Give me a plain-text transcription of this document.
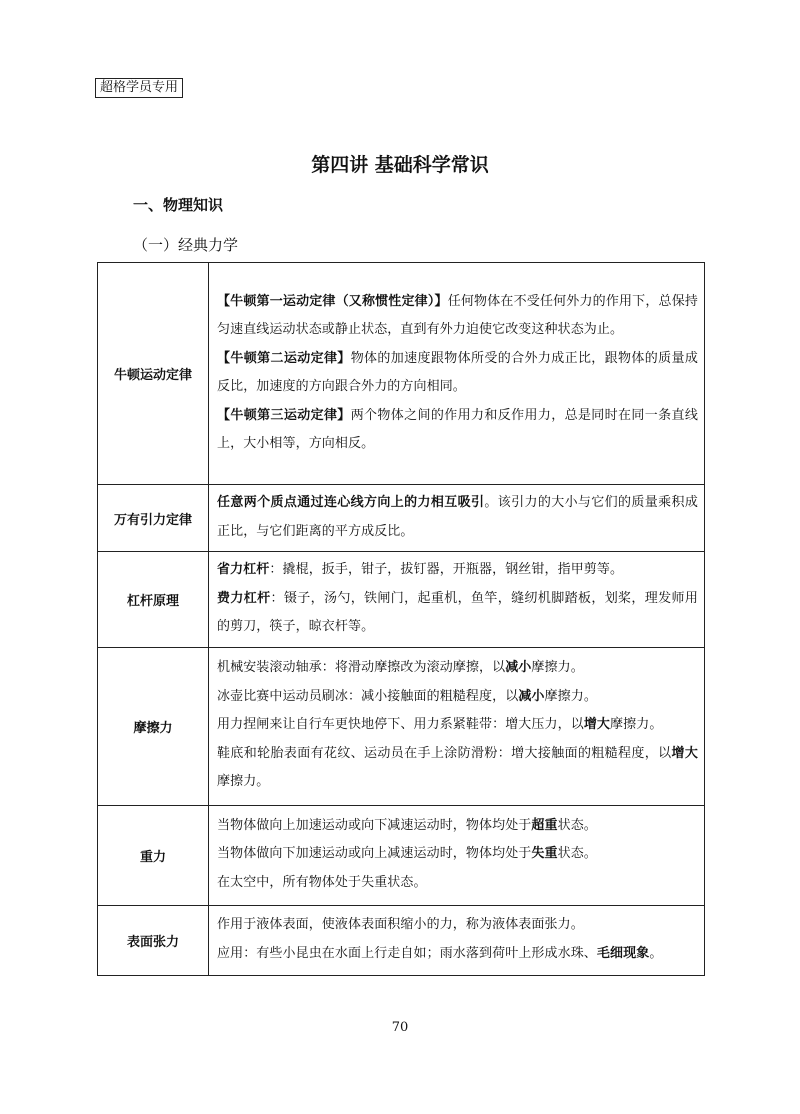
超格学员专用
第四讲 基础科学常识
一、物理知识
（一）经典力学
牛顿运动定律	【牛顿第一运动定律（又称惯性定律）】任何物体在不受任何外力的作用下，总保持匀速直线运动状态或静止状态，直到有外力迫使它改变这种状态为止。
【牛顿第二运动定律】物体的加速度跟物体所受的合外力成正比，跟物体的质量成反比，加速度的方向跟合外力的方向相同。
【牛顿第三运动定律】两个物体之间的作用力和反作用力，总是同时在同一条直线上，大小相等，方向相反。

万有引力定律	任意两个质点通过连心线方向上的力相互吸引。该引力的大小与它们的质量乘积成正比，与它们距离的平方成反比。

杠杆原理	省力杠杆：撬棍，扳手，钳子，拔钉器，开瓶器，钢丝钳，指甲剪等。
费力杠杆：镊子，汤勺，铁闸门，起重机，鱼竿，缝纫机脚踏板，划桨，理发师用的剪刀，筷子，晾衣杆等。

摩擦力	机械安装滚动轴承：将滑动摩擦改为滚动摩擦，以减小摩擦力。
冰壶比赛中运动员刷冰：减小接触面的粗糙程度，以减小摩擦力。
用力捏闸来让自行车更快地停下、用力系紧鞋带：增大压力，以增大摩擦力。
鞋底和轮胎表面有花纹、运动员在手上涂防滑粉：增大接触面的粗糙程度，以增大摩擦力。

重力	当物体做向上加速运动或向下减速运动时，物体均处于超重状态。
当物体做向下加速运动或向上减速运动时，物体均处于失重状态。
在太空中，所有物体处于失重状态。

表面张力	作用于液体表面，使液体表面积缩小的力，称为液体表面张力。
应用：有些小昆虫在水面上行走自如；雨水落到荷叶上形成水珠、毛细现象。
70
